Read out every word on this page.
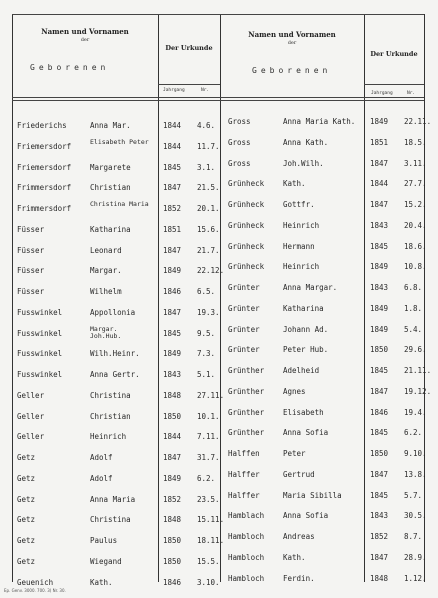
Namen und Vornamen
der
Geborenen
Der Urkunde
Jahrgang	Nr.
Namen und Vornamen
der
Geborenen
Der Urkunde
Jahrgang	Nr.
Friederichs	Anna Mar.	1844 4.6.
Friemersdorf	Elisabeth Peter	1844 11.7.
Friemersdorf	Margarete	1845 3.1.
Frimmersdorf	Christian	1847 21.5.
Frimmersdorf	Christina Maria	1852 20.1.
Füsser	Katharina	1851 15.6.
Füsser	Leonard	1847 21.7.
Füsser	Margar.	1849 22.12.
Füsser	Wilhelm	1846 6.5.
Fusswinkel	Appollonia	1847 19.3.
Fusswinkel	Margar. Joh.Hub.	1845 9.5.
Fusswinkel	Wilh.Heinr.	1849 7.3.
Fusswinkel	Anna Gertr.	1843 5.1.
Geller	Christina	1848 27.11.
Geller	Christian	1850 10.1.
Geller	Heinrich	1844 7.11.
Getz	Adolf	1847 31.7.
Getz	Adolf	1849 6.2.
Getz	Anna Maria	1852 23.5.
Getz	Christina	1848 15.11.
Getz	Paulus	1850 18.11.
Getz	Wiegand	1850 15.5.
Geuenich	Kath.	1846 3.10.
Gross	Anna Maria Kath. 1849 22.11.
Gross	Anna Kath.	1851 18.5.
Gross	Joh.Wilh.	1847 3.11.
Grünheck	Kath.	1844 27.7.
Grünheck	Gottfr.	1847 15.2.
Grünheck	Heinrich	1843 20.4.
Grünheck	Hermann	1845 18.6.
Grünheck	Heinrich	1849 10.8.
Grünter	Anna Margar.	1843 6.8.
Grünter	Katharina	1849 1.8.
Grünter	Johann Ad.	1849 5.4.
Grünter	Peter Hub.	1850 29.6.
Grünther	Adelheid	1845 21.11.
Grünther	Agnes	1847 19.12.
Grünther	Elisabeth	1846 19.4.
Grünther	Anna Sofia	1845 6.2.
Halffen	Peter	1850 9.10.
Halffer	Gertrud	1847 13.8.
Halffer	Maria Sibilla	1845 5.7.
Hamblach	Anna Sofia	1843 30.5.
Hambloch	Andreas	1852 8.7.
Hambloch	Kath.	1847 28.9.
Hambloch	Ferdin.	1848 1.12.
Ep. Genv. 3000. 700. 3) Nr. 30.
